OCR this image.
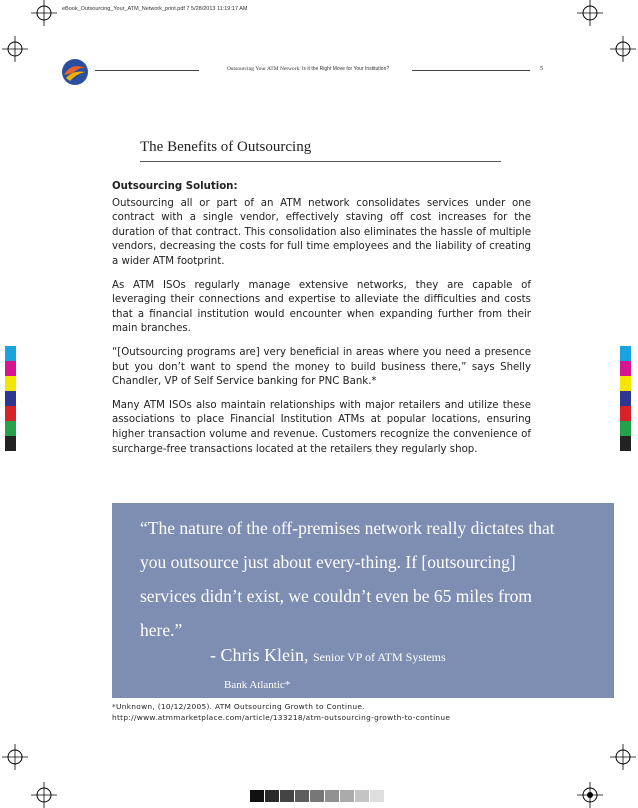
eBook_Outsourcing_Your_ATM_Network_print.pdf 7 5/28/2013 11:19:17 AM
Outsourcing Your ATM Network: Is it the Right Move for Your Institution?	5
The Benefits of Outsourcing
Outsourcing Solution:

Outsourcing all or part of an ATM network consolidates services under one contract with a single vendor, effectively staving off cost increases for the duration of that contract. This consolidation also eliminates the hassle of multiple vendors, decreasing the costs for full time employees and the liability of creating a wider ATM footprint.

As ATM ISOs regularly manage extensive networks, they are capable of leveraging their connections and expertise to alleviate the difficulties and costs that a financial institution would encounter when expanding further from their main branches.

“[Outsourcing programs are] very beneficial in areas where you need a presence but you don’t want to spend the money to build business there,” says Shelly Chandler, VP of Self Service banking for PNC Bank.*

Many ATM ISOs also maintain relationships with major retailers and utilize these associations to place Financial Institution ATMs at popular locations, ensuring higher transaction volume and revenue. Customers recognize the convenience of surcharge-free transactions located at the retailers they regularly shop.

“The nature of the off-premises network really dictates that you outsource just about every-thing. If [outsourcing] services didn’t exist, we couldn’t even be 65 miles from here.”
- Chris Klein, Senior VP of ATM Systems
Bank Atlantic*
*Unknown, (10/12/2005). ATM Outsourcing Growth to Continue.
http://www.atmmarketplace.com/article/133218/atm-outsourcing-growth-to-continue
